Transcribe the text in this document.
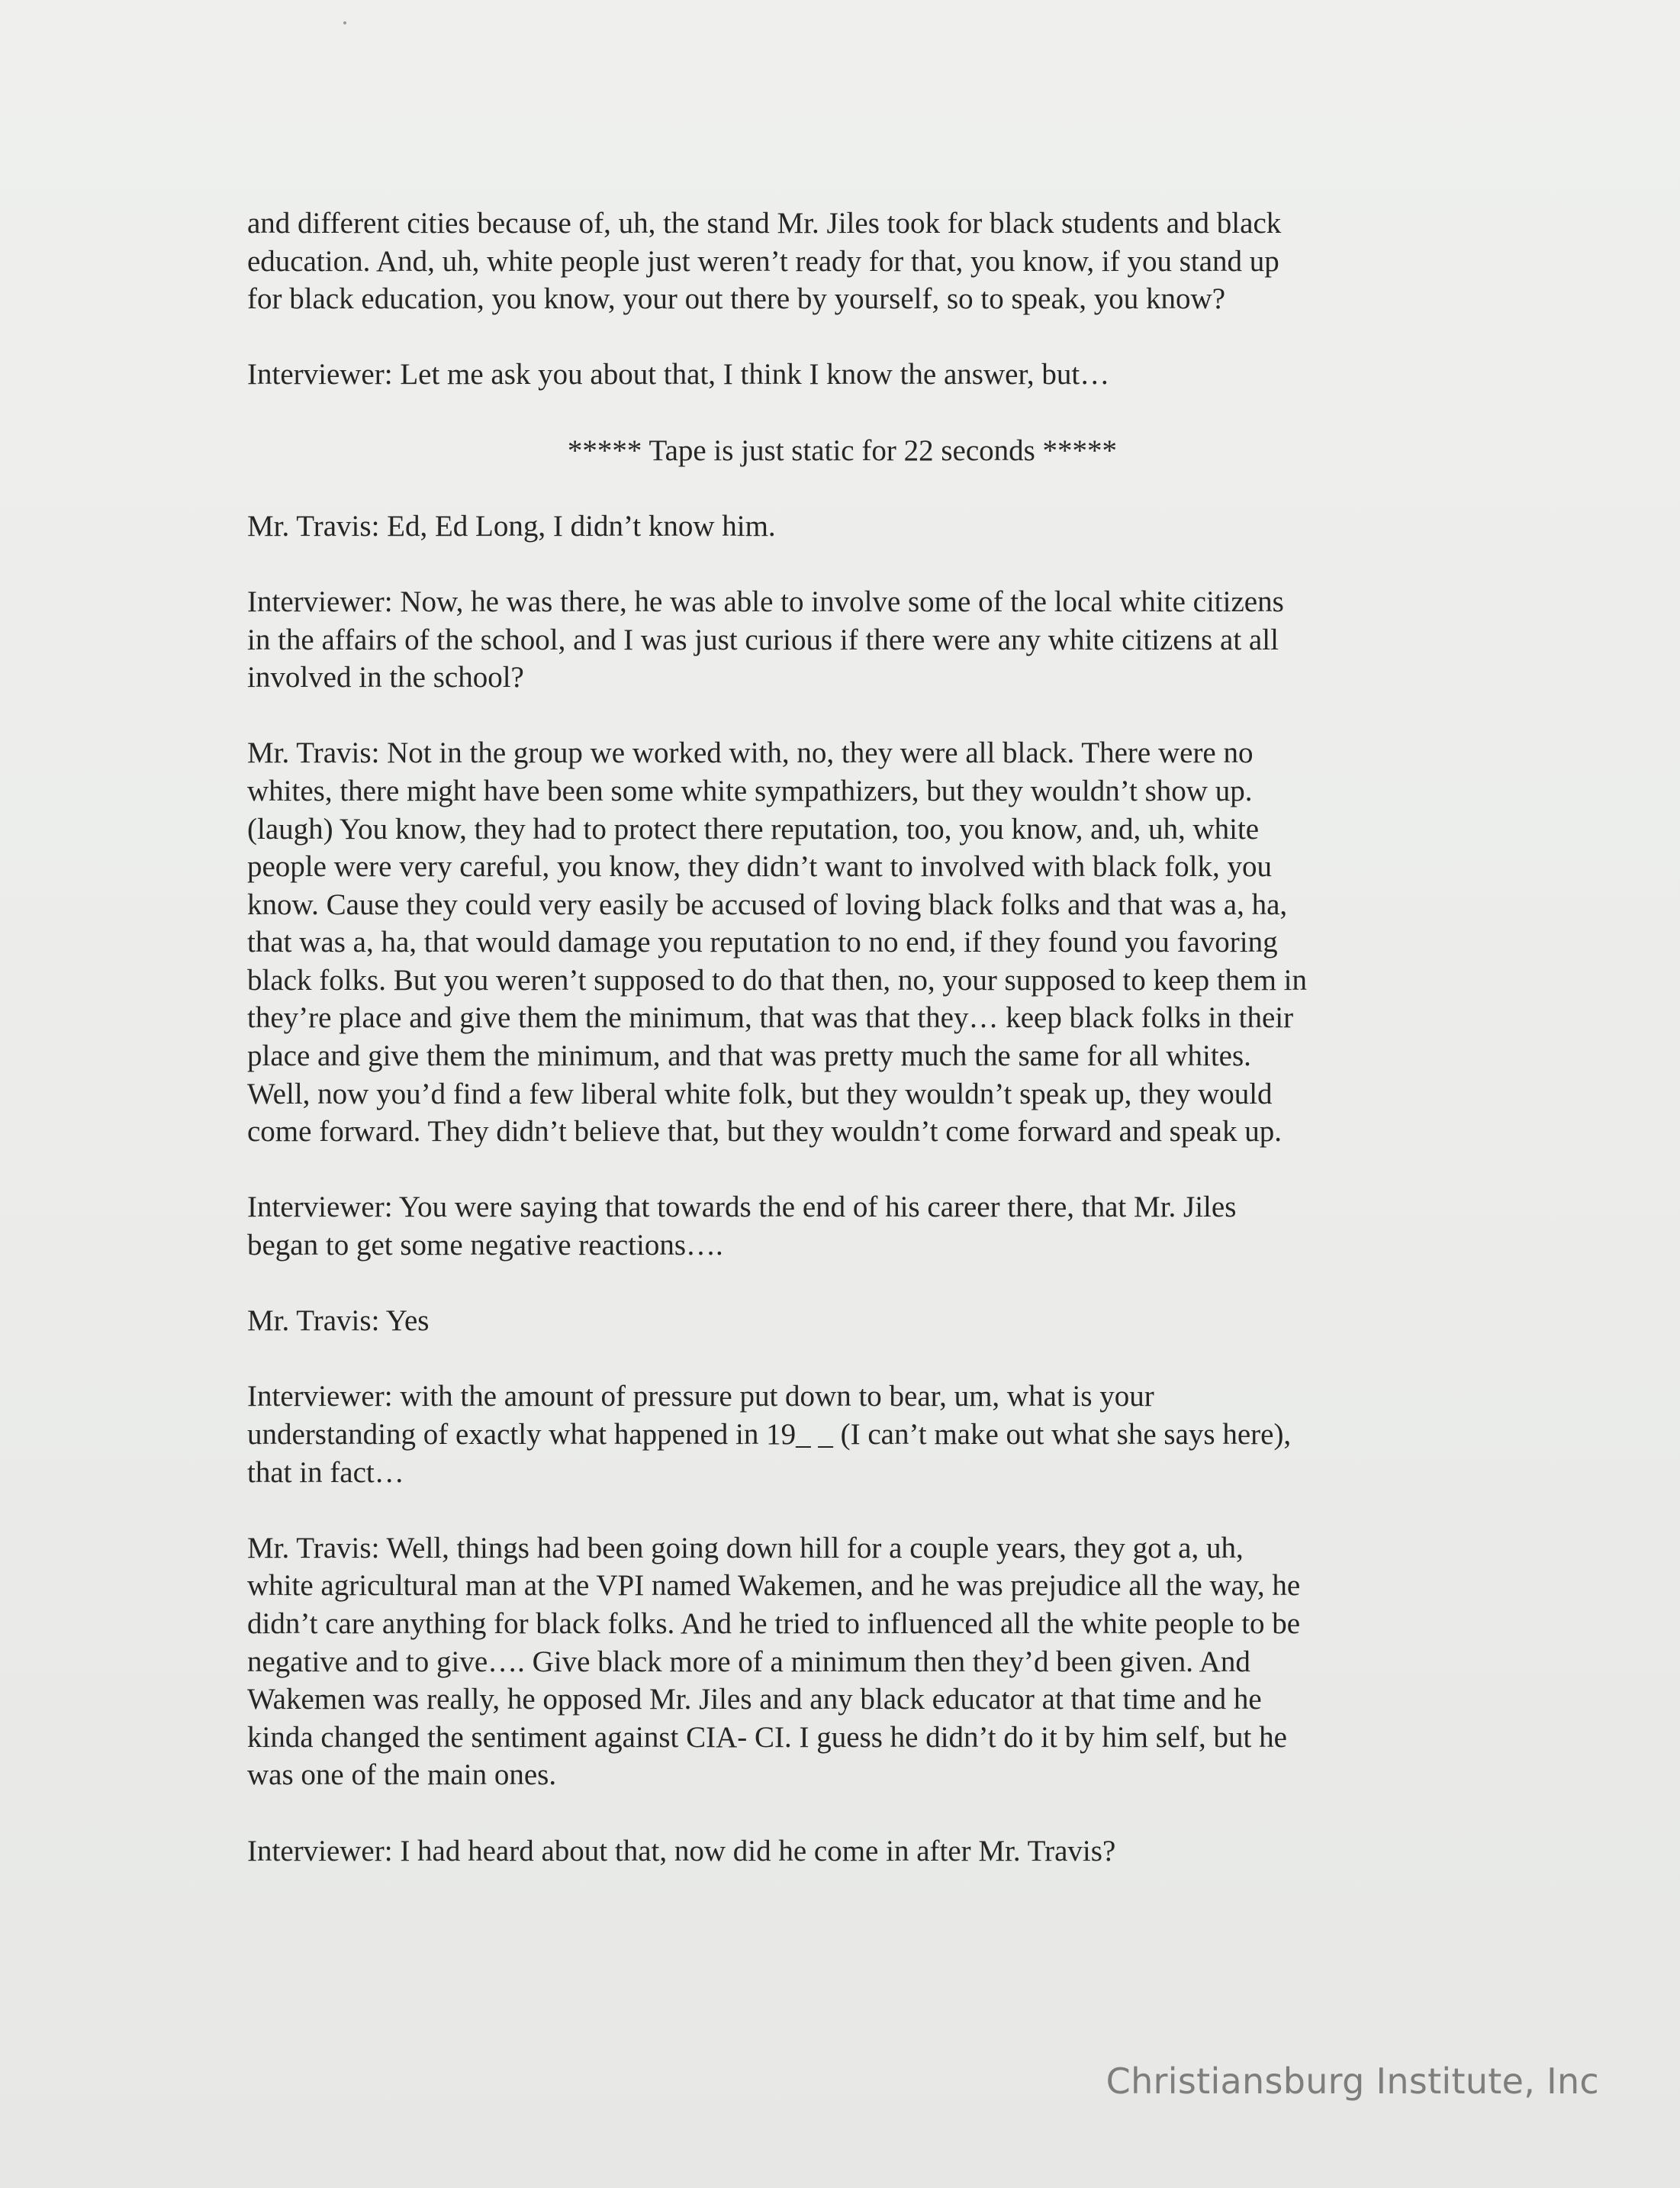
and different cities because of, uh, the stand Mr. Jiles took for black students and black
education. And, uh, white people just weren’t ready for that, you know, if you stand up
for black education, you know, your out there by yourself, so to speak, you know?

Interviewer: Let me ask you about that, I think I know the answer, but…

***** Tape is just static for 22 seconds *****

Mr. Travis: Ed, Ed Long, I didn’t know him.

Interviewer: Now, he was there, he was able to involve some of the local white citizens
in the affairs of the school, and I was just curious if there were any white citizens at all
involved in the school?

Mr. Travis: Not in the group we worked with, no, they were all black. There were no
whites, there might have been some white sympathizers, but they wouldn’t show up.
(laugh) You know, they had to protect there reputation, too, you know, and, uh, white
people were very careful, you know, they didn’t want to involved with black folk, you
know. Cause they could very easily be accused of loving black folks and that was a, ha,
that was a, ha, that would damage you reputation to no end, if they found you favoring
black folks. But you weren’t supposed to do that then, no, your supposed to keep them in
they’re place and give them the minimum, that was that they… keep black folks in their
place and give them the minimum, and that was pretty much the same for all whites.
Well, now you’d find a few liberal white folk, but they wouldn’t speak up, they would
come forward. They didn’t believe that, but they wouldn’t come forward and speak up.

Interviewer: You were saying that towards the end of his career there, that Mr. Jiles
began to get some negative reactions….

Mr. Travis: Yes

Interviewer: with the amount of pressure put down to bear, um, what is your
understanding of exactly what happened in 19_ _ (I can’t make out what she says here),
that in fact…

Mr. Travis: Well, things had been going down hill for a couple years, they got a, uh,
white agricultural man at the VPI named Wakemen, and he was prejudice all the way, he
didn’t care anything for black folks. And he tried to influenced all the white people to be
negative and to give…. Give black more of a minimum then they’d been given. And
Wakemen was really, he opposed Mr. Jiles and any black educator at that time and he
kinda changed the sentiment against CIA- CI. I guess he didn’t do it by him self, but he
was one of the main ones.

Interviewer: I had heard about that, now did he come in after Mr. Travis?

Christiansburg Institute, Inc
